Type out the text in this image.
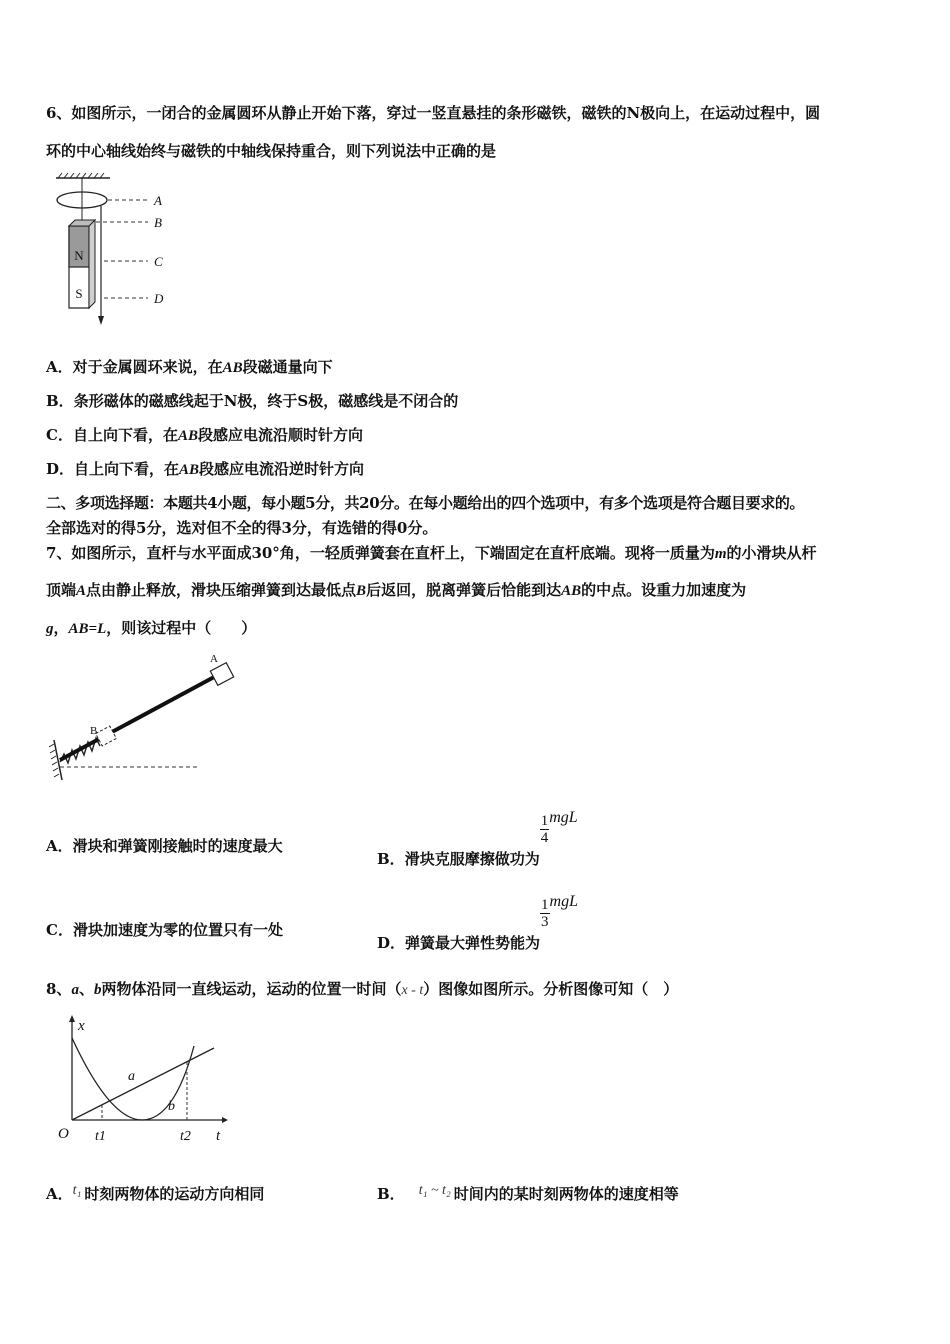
6、如图所示，一闭合的金属圆环从静止开始下落，穿过一竖直悬挂的条形磁铁，磁铁的N极向上，在运动过程中，圆
环的中心轴线始终与磁铁的中轴线保持重合，则下列说法中正确的是
N
S
A
B
C
D
A．对于金属圆环来说，在AB段磁通量向下
B．条形磁体的磁感线起于N极，终于S极，磁感线是不闭合的
C．自上向下看，在AB段感应电流沿顺时针方向
D．自上向下看，在AB段感应电流沿逆时针方向
二、多项选择题：本题共4小题，每小题5分，共20分。在每小题给出的四个选项中，有多个选项是符合题目要求的。
全部选对的得5分，选对但不全的得3分，有选错的得0分。
7、如图所示，直杆与水平面成30°角，一轻质弹簧套在直杆上，下端固定在直杆底端。现将一质量为m的小滑块从杆
顶端A点由静止释放，滑块压缩弹簧到达最低点B后返回，脱离弹簧后恰能到达AB的中点。设重力加速度为
g，AB=L，则该过程中（　　）
A
B
A．滑块和弹簧刚接触时的速度最大
B．滑块克服摩擦做功为
$\frac{1}{4}$ mgL
C．滑块加速度为零的位置只有一处
D．弹簧最大弹性势能为
$\frac{1}{3}$ mgL
8、a、b两物体沿同一直线运动，运动的位置一时间（x - t）图像如图所示。分析图像可知（　）
x
t
O
a
b
t1	t2
A．t₁ 时刻两物体的运动方向相同	B． t₁ ~ t₂ 时间内的某时刻两物体的速度相等
